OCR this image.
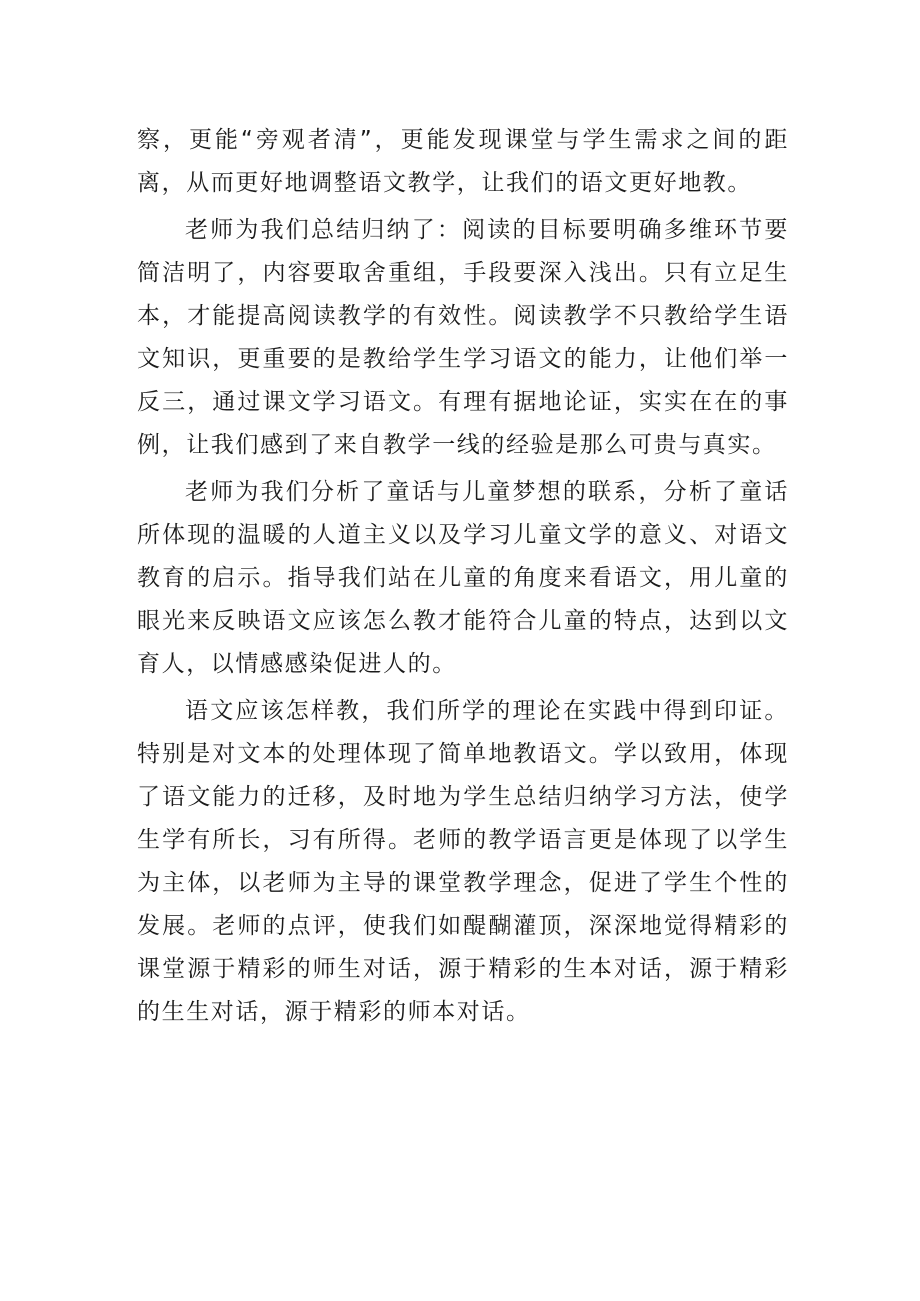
察，更能“旁观者清”，更能发现课堂与学生需求之间的距离，从而更好地调整语文教学，让我们的语文更好地教。

老师为我们总结归纳了：阅读的目标要明确多维环节要简洁明了，内容要取舍重组，手段要深入浅出。只有立足生本，才能提高阅读教学的有效性。阅读教学不只教给学生语文知识，更重要的是教给学生学习语文的能力，让他们举一反三，通过课文学习语文。有理有据地论证，实实在在的事例，让我们感到了来自教学一线的经验是那么可贵与真实。

老师为我们分析了童话与儿童梦想的联系，分析了童话所体现的温暖的人道主义以及学习儿童文学的意义、对语文教育的启示。指导我们站在儿童的角度来看语文，用儿童的眼光来反映语文应该怎么教才能符合儿童的特点，达到以文育人，以情感感染促进人的。

语文应该怎样教，我们所学的理论在实践中得到印证。特别是对文本的处理体现了简单地教语文。学以致用，体现了语文能力的迁移，及时地为学生总结归纳学习方法，使学生学有所长，习有所得。老师的教学语言更是体现了以学生为主体，以老师为主导的课堂教学理念，促进了学生个性的发展。老师的点评，使我们如醍醐灌顶，深深地觉得精彩的课堂源于精彩的师生对话，源于精彩的生本对话，源于精彩的生生对话，源于精彩的师本对话。
